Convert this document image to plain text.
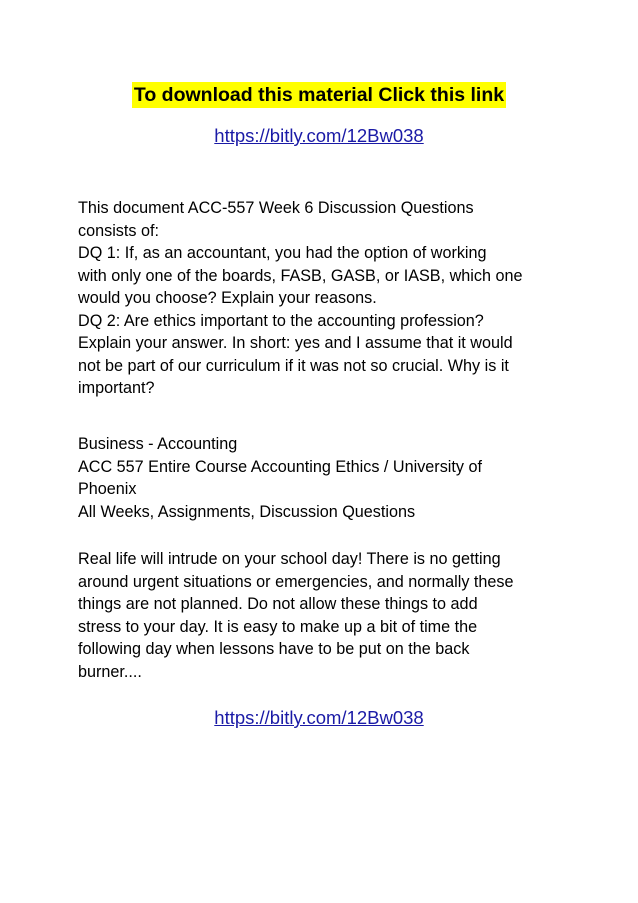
To download this material Click this link
https://bitly.com/12Bw038
This document ACC-557 Week 6 Discussion Questions
consists of:
DQ 1: If, as an accountant, you had the option of working
with only one of the boards, FASB, GASB, or IASB, which one
would you choose? Explain your reasons.
DQ 2: Are ethics important to the accounting profession?
Explain your answer. In short: yes and I assume that it would
not be part of our curriculum if it was not so crucial. Why is it
important?
Business - Accounting
ACC 557 Entire Course Accounting Ethics / University of
Phoenix
All Weeks, Assignments, Discussion Questions
Real life will intrude on your school day! There is no getting
around urgent situations or emergencies, and normally these
things are not planned. Do not allow these things to add
stress to your day. It is easy to make up a bit of time the
following day when lessons have to be put on the back
burner....
https://bitly.com/12Bw038
